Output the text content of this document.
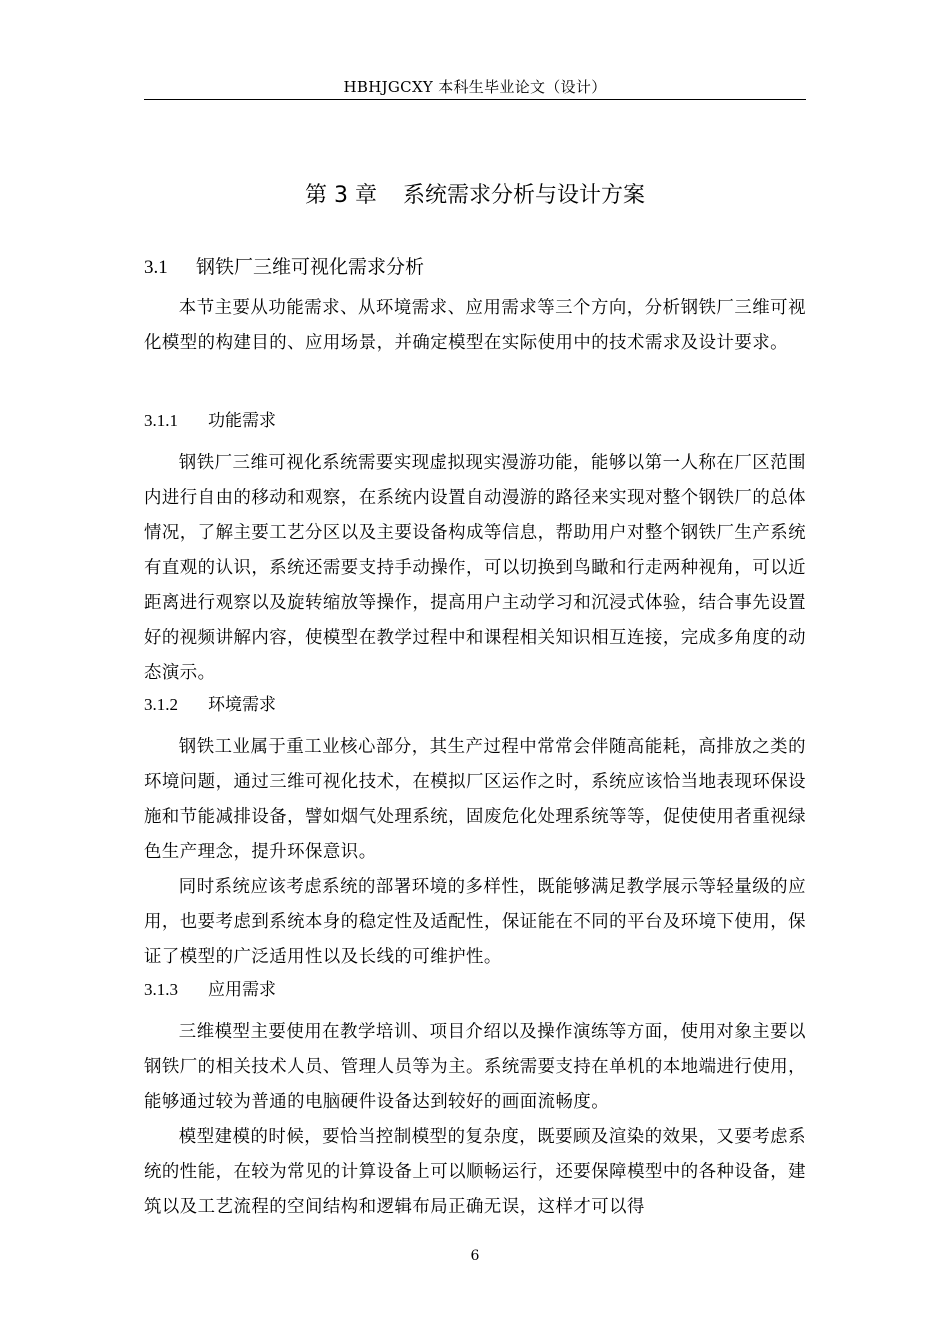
HBHJGCXY 本科生毕业论文（设计）
第 3 章 系统需求分析与设计方案
3.1 钢铁厂三维可视化需求分析

本节主要从功能需求、从环境需求、应用需求等三个方向，分析钢铁厂三维可视化模型的构建目的、应用场景，并确定模型在实际使用中的技术需求及设计要求。

3.1.1 功能需求

钢铁厂三维可视化系统需要实现虚拟现实漫游功能，能够以第一人称在厂区范围内进行自由的移动和观察，在系统内设置自动漫游的路径来实现对整个钢铁厂的总体情况，了解主要工艺分区以及主要设备构成等信息，帮助用户对整个钢铁厂生产系统有直观的认识，系统还需要支持手动操作，可以切换到鸟瞰和行走两种视角，可以近距离进行观察以及旋转缩放等操作，提高用户主动学习和沉浸式体验，结合事先设置好的视频讲解内容，使模型在教学过程中和课程相关知识相互连接，完成多角度的动态演示。

3.1.2 环境需求

钢铁工业属于重工业核心部分，其生产过程中常常会伴随高能耗，高排放之类的环境问题，通过三维可视化技术，在模拟厂区运作之时，系统应该恰当地表现环保设施和节能减排设备，譬如烟气处理系统，固废危化处理系统等等，促使使用者重视绿色生产理念，提升环保意识。

同时系统应该考虑系统的部署环境的多样性，既能够满足教学展示等轻量级的应用，也要考虑到系统本身的稳定性及适配性，保证能在不同的平台及环境下使用，保证了模型的广泛适用性以及长线的可维护性。

3.1.3 应用需求

三维模型主要使用在教学培训、项目介绍以及操作演练等方面，使用对象主要以钢铁厂的相关技术人员、管理人员等为主。系统需要支持在单机的本地端进行使用，能够通过较为普通的电脑硬件设备达到较好的画面流畅度。

模型建模的时候，要恰当控制模型的复杂度，既要顾及渲染的效果，又要考虑系统的性能，在较为常见的计算设备上可以顺畅运行，还要保障模型中的各种设备，建筑以及工艺流程的空间结构和逻辑布局正确无误，这样才可以得

6
